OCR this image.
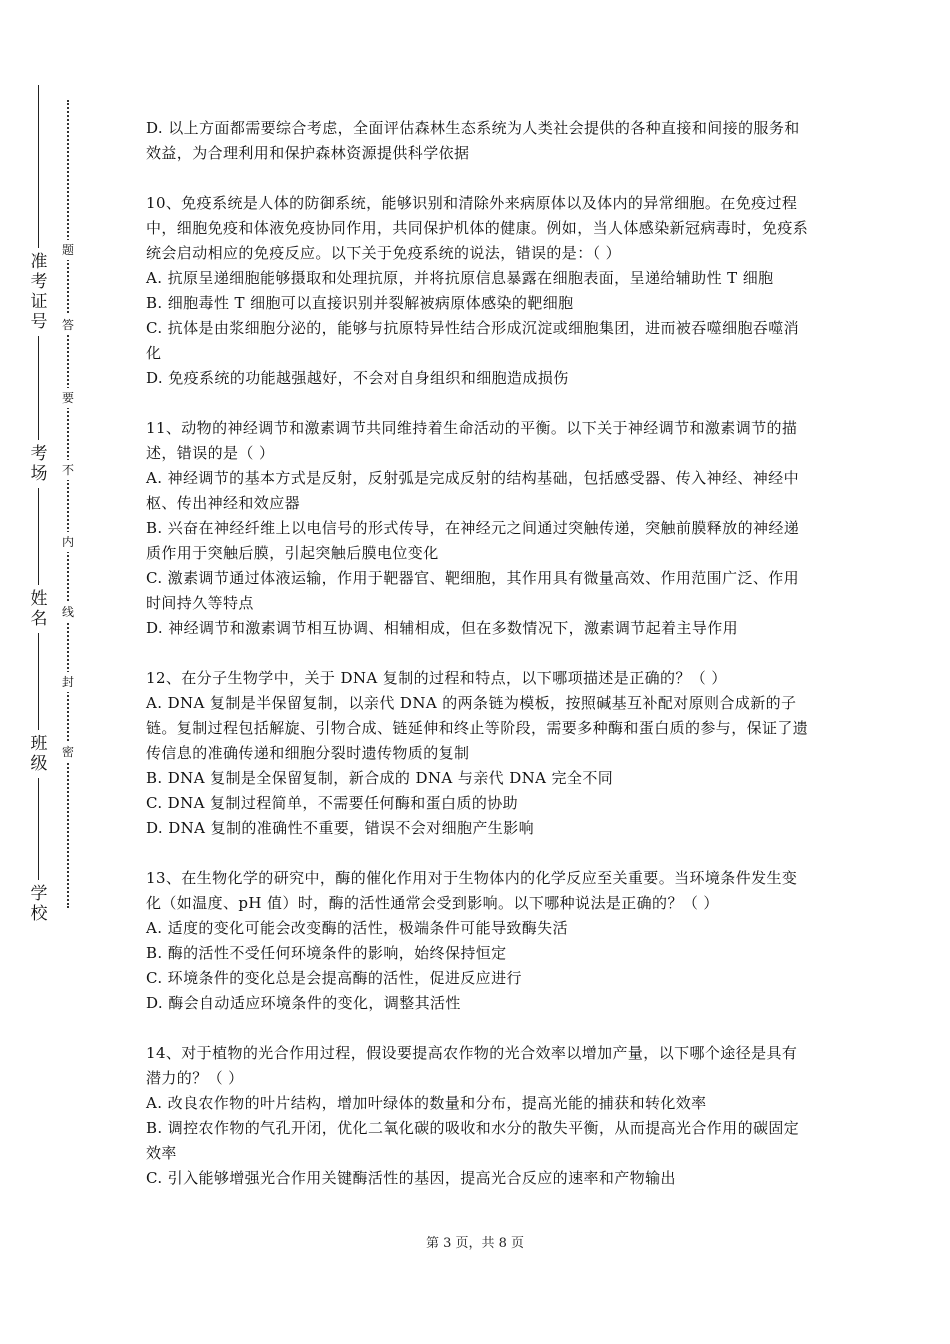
准
考
证
号
考
场
姓
名
班
级
学
校
题
答
要
不
内
线
封
密

D. 以上方面都需要综合考虑，全面评估森林生态系统为人类社会提供的各种直接和间接的服务和效益，为合理利用和保护森林资源提供科学依据

10、免疫系统是人体的防御系统，能够识别和清除外来病原体以及体内的异常细胞。在免疫过程中，细胞免疫和体液免疫协同作用，共同保护机体的健康。例如，当人体感染新冠病毒时，免疫系统会启动相应的免疫反应。以下关于免疫系统的说法，错误的是：（ ）

A. 抗原呈递细胞能够摄取和处理抗原，并将抗原信息暴露在细胞表面，呈递给辅助性 T 细胞

B. 细胞毒性 T 细胞可以直接识别并裂解被病原体感染的靶细胞

C. 抗体是由浆细胞分泌的，能够与抗原特异性结合形成沉淀或细胞集团，进而被吞噬细胞吞噬消化

D. 免疫系统的功能越强越好，不会对自身组织和细胞造成损伤

11、动物的神经调节和激素调节共同维持着生命活动的平衡。以下关于神经调节和激素调节的描述，错误的是（ ）

A. 神经调节的基本方式是反射，反射弧是完成反射的结构基础，包括感受器、传入神经、神经中枢、传出神经和效应器

B. 兴奋在神经纤维上以电信号的形式传导，在神经元之间通过突触传递，突触前膜释放的神经递质作用于突触后膜，引起突触后膜电位变化

C. 激素调节通过体液运输，作用于靶器官、靶细胞，其作用具有微量高效、作用范围广泛、作用时间持久等特点

D. 神经调节和激素调节相互协调、相辅相成，但在多数情况下，激素调节起着主导作用

12、在分子生物学中，关于 DNA 复制的过程和特点，以下哪项描述是正确的？（ ）

A. DNA 复制是半保留复制，以亲代 DNA 的两条链为模板，按照碱基互补配对原则合成新的子链。复制过程包括解旋、引物合成、链延伸和终止等阶段，需要多种酶和蛋白质的参与，保证了遗传信息的准确传递和细胞分裂时遗传物质的复制

B. DNA 复制是全保留复制，新合成的 DNA 与亲代 DNA 完全不同

C. DNA 复制过程简单，不需要任何酶和蛋白质的协助

D. DNA 复制的准确性不重要，错误不会对细胞产生影响

13、在生物化学的研究中，酶的催化作用对于生物体内的化学反应至关重要。当环境条件发生变化（如温度、pH 值）时，酶的活性通常会受到影响。以下哪种说法是正确的？（ ）

A. 适度的变化可能会改变酶的活性，极端条件可能导致酶失活

B. 酶的活性不受任何环境条件的影响，始终保持恒定

C. 环境条件的变化总是会提高酶的活性，促进反应进行

D. 酶会自动适应环境条件的变化，调整其活性

14、对于植物的光合作用过程，假设要提高农作物的光合效率以增加产量，以下哪个途径是具有潜力的？（ ）

A. 改良农作物的叶片结构，增加叶绿体的数量和分布，提高光能的捕获和转化效率

B. 调控农作物的气孔开闭，优化二氧化碳的吸收和水分的散失平衡，从而提高光合作用的碳固定效率

C. 引入能够增强光合作用关键酶活性的基因，提高光合反应的速率和产物输出

第 3 页，共 8 页
